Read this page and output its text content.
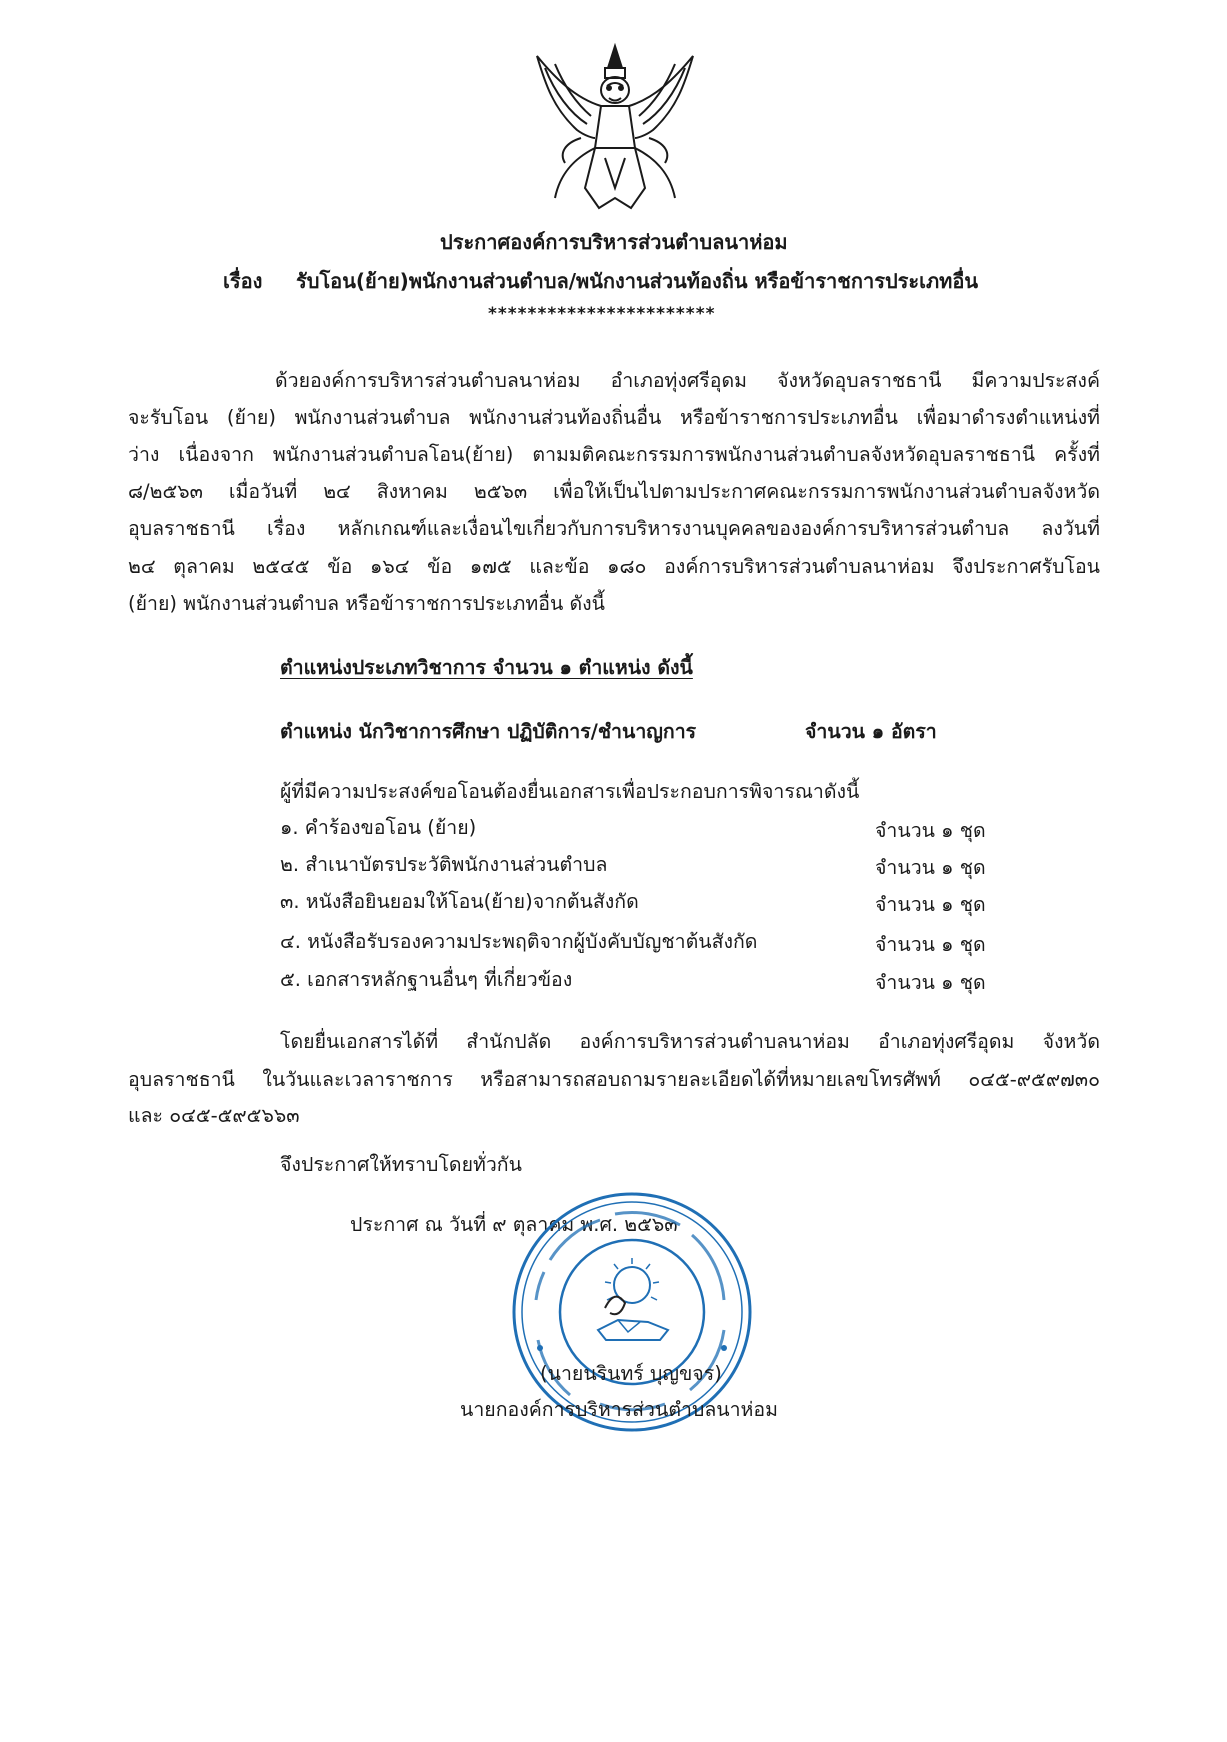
ประกาศองค์การบริหารส่วนตำบลนาห่อม
เรื่อง รับโอน(ย้าย)พนักงานส่วนตำบล/พนักงานส่วนท้องถิ่น หรือข้าราชการประเภทอื่น
***********************
ด้วยองค์การบริหารส่วนตำบลนาห่อม อำเภอทุ่งศรีอุดม จังหวัดอุบลราชธานี มีความประสงค์
จะรับโอน (ย้าย) พนักงานส่วนตำบล พนักงานส่วนท้องถิ่นอื่น หรือข้าราชการประเภทอื่น เพื่อมาดำรงตำแหน่งที่
ว่าง เนื่องจาก พนักงานส่วนตำบลโอน(ย้าย) ตามมติคณะกรรมการพนักงานส่วนตำบลจังหวัดอุบลราชธานี ครั้งที่
๘/๒๕๖๓ เมื่อวันที่ ๒๔ สิงหาคม ๒๕๖๓ เพื่อให้เป็นไปตามประกาศคณะกรรมการพนักงานส่วนตำบลจังหวัด
อุบลราชธานี เรื่อง หลักเกณฑ์และเงื่อนไขเกี่ยวกับการบริหารงานบุคคลขององค์การบริหารส่วนตำบล ลงวันที่
๒๔ ตุลาคม ๒๕๔๕ ข้อ ๑๖๔ ข้อ ๑๗๕ และข้อ ๑๘๐ องค์การบริหารส่วนตำบลนาห่อม จึงประกาศรับโอน
(ย้าย) พนักงานส่วนตำบล หรือข้าราชการประเภทอื่น ดังนี้
ตำแหน่งประเภทวิชาการ จำนวน ๑ ตำแหน่ง ดังนี้
ตำแหน่ง นักวิชาการศึกษา ปฏิบัติการ/ชำนาญการ	จำนวน ๑ อัตรา
ผู้ที่มีความประสงค์ขอโอนต้องยื่นเอกสารเพื่อประกอบการพิจารณาดังนี้
๑. คำร้องขอโอน (ย้าย)	จำนวน ๑ ชุด
๒. สำเนาบัตรประวัติพนักงานส่วนตำบล	จำนวน ๑ ชุด
๓. หนังสือยินยอมให้โอน(ย้าย)จากต้นสังกัด	จำนวน ๑ ชุด
๔. หนังสือรับรองความประพฤติจากผู้บังคับบัญชาต้นสังกัด	จำนวน ๑ ชุด
๕. เอกสารหลักฐานอื่นๆ ที่เกี่ยวข้อง	จำนวน ๑ ชุด
โดยยื่นเอกสารได้ที่ สำนักปลัด องค์การบริหารส่วนตำบลนาห่อม อำเภอทุ่งศรีอุดม จังหวัด
อุบลราชธานี ในวันและเวลาราชการ หรือสามารถสอบถามรายละเอียดได้ที่หมายเลขโทรศัพท์ ๐๔๕-๙๕๙๗๓๐
และ ๐๔๕-๕๙๕๖๖๓
จึงประกาศให้ทราบโดยทั่วกัน
ประกาศ ณ วันที่ ๙ ตุลาคม พ.ศ. ๒๕๖๓
(นายนรินทร์ บุญขจร)
นายกองค์การบริหารส่วนตำบลนาห่อม
